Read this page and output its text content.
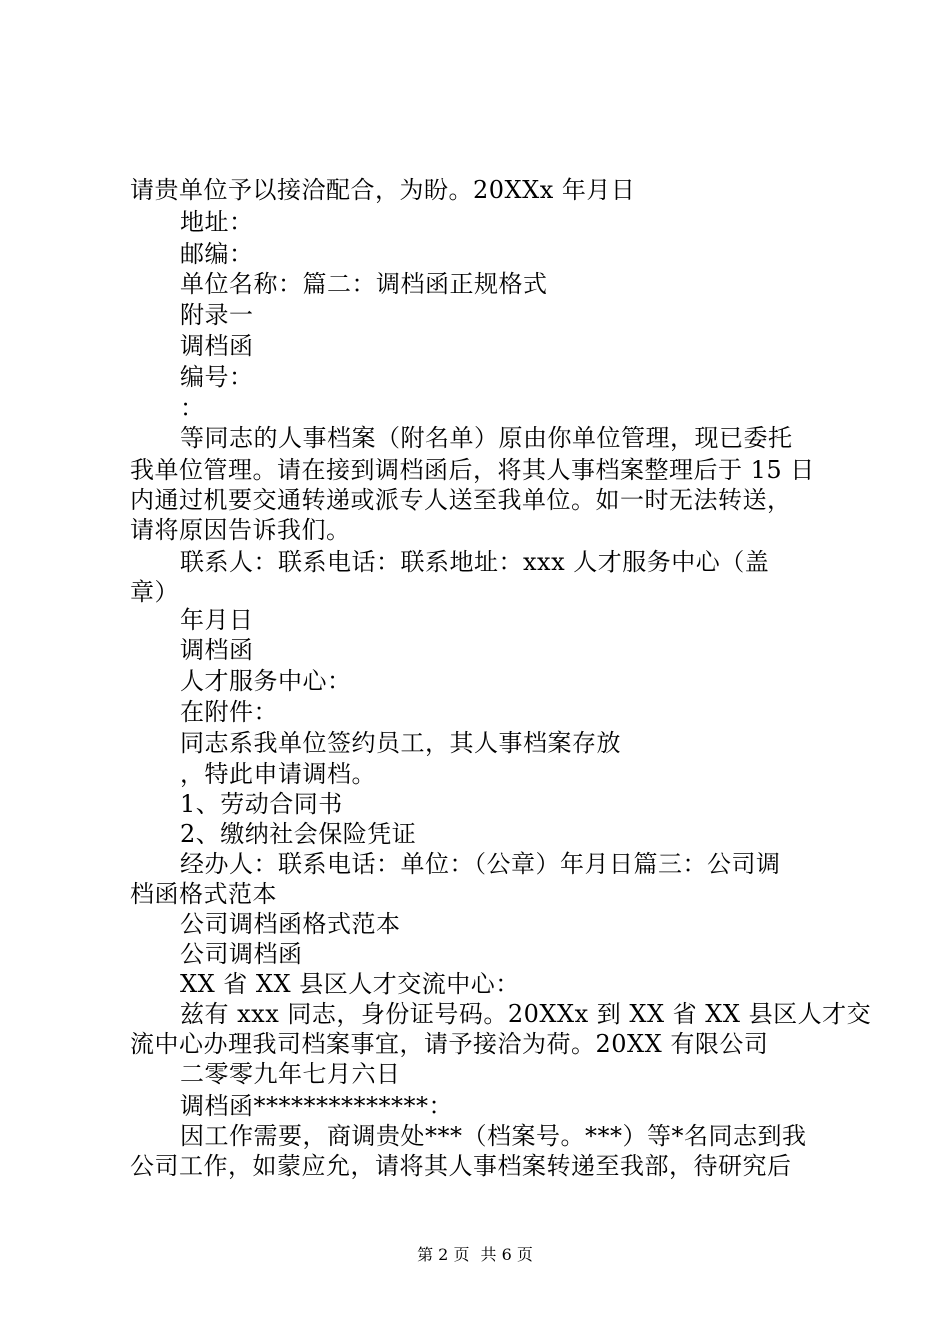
请贵单位予以接洽配合，为盼。20XXx 年月日
地址：
邮编：
单位名称：篇二：调档函正规格式
附录一
调档函
编号：
：
等同志的人事档案（附名单）原由你单位管理，现已委托
我单位管理。请在接到调档函后，将其人事档案整理后于 15 日
内通过机要交通转递或派专人送至我单位。如一时无法转送，
请将原因告诉我们。
联系人：联系电话：联系地址：xxx 人才服务中心（盖
章）
年月日
调档函
人才服务中心：
在附件：
同志系我单位签约员工，其人事档案存放
，特此申请调档。
1、劳动合同书
2、缴纳社会保险凭证
经办人：联系电话：单位：（公章）年月日篇三：公司调
档函格式范本
公司调档函格式范本
公司调档函
XX 省 XX 县区人才交流中心：
兹有 xxx 同志，身份证号码。20XXx 到 XX 省 XX 县区人才交
流中心办理我司档案事宜，请予接洽为荷。20XX 有限公司
二零零九年七月六日
调档函**************：
因工作需要，商调贵处***（档案号。***）等*名同志到我
公司工作，如蒙应允，请将其人事档案转递至我部，待研究后
第 2 页 共 6 页
